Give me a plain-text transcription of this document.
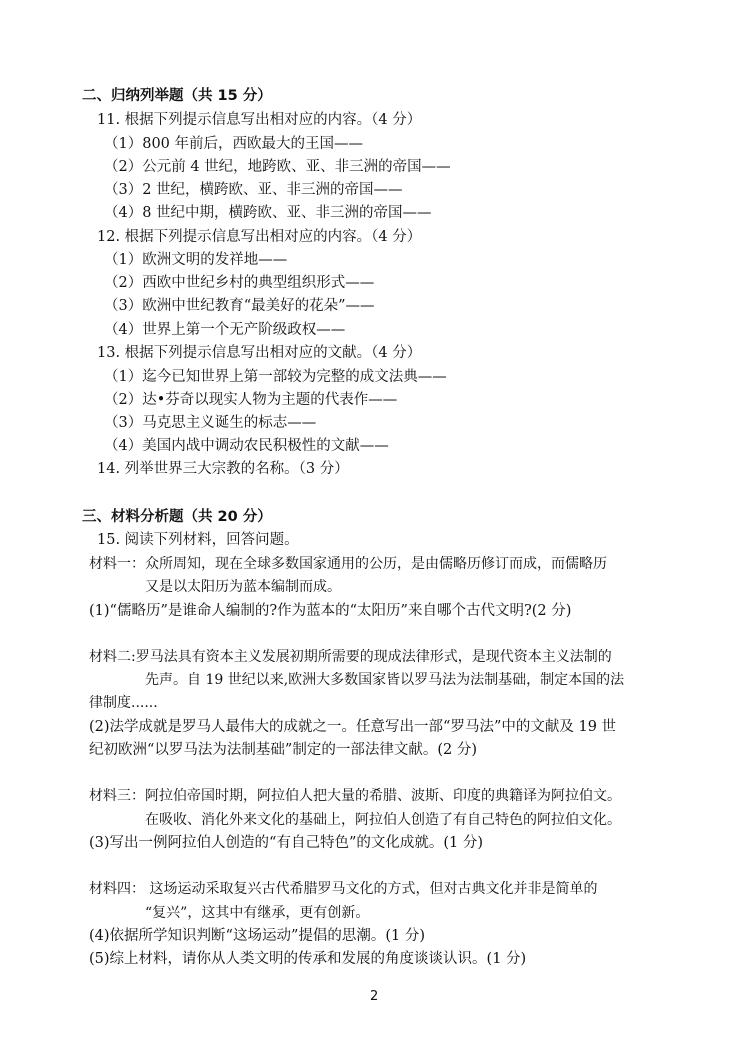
二、归纳列举题（共 15 分）
11. 根据下列提示信息写出相对应的内容。（4 分）
（1）800 年前后，西欧最大的王国——
（2）公元前 4 世纪，地跨欧、亚、非三洲的帝国——
（3）2 世纪，横跨欧、亚、非三洲的帝国——
（4）8 世纪中期，横跨欧、亚、非三洲的帝国——
12. 根据下列提示信息写出相对应的内容。（4 分）
（1）欧洲文明的发祥地——
（2）西欧中世纪乡村的典型组织形式——
（3）欧洲中世纪教育“最美好的花朵”——
（4）世界上第一个无产阶级政权——
13. 根据下列提示信息写出相对应的文献。（4 分）
（1）迄今已知世界上第一部较为完整的成文法典——
（2）达•芬奇以现实人物为主题的代表作——
（3）马克思主义诞生的标志——
（4）美国内战中调动农民积极性的文献——
14. 列举世界三大宗教的名称。（3 分）
三、材料分析题（共 20 分）
15. 阅读下列材料，回答问题。
材料一：众所周知，现在全球多数国家通用的公历，是由儒略历修订而成，而儒略历
又是以太阳历为蓝本编制而成。
(1)“儒略历”是谁命人编制的?作为蓝本的“太阳历”来自哪个古代文明?(2 分)
材料二:罗马法具有资本主义发展初期所需要的现成法律形式，是现代资本主义法制的
先声。自 19 世纪以来,欧洲大多数国家皆以罗马法为法制基础，制定本国的法
律制度......
(2)法学成就是罗马人最伟大的成就之一。任意写出一部“罗马法”中的文献及 19 世
纪初欧洲“以罗马法为法制基础”制定的一部法律文献。(2 分)
材料三：阿拉伯帝国时期，阿拉伯人把大量的希腊、波斯、印度的典籍译为阿拉伯文。
在吸收、消化外来文化的基础上，阿拉伯人创造了有自己特色的阿拉伯文化。
(3)写出一例阿拉伯人创造的“有自己特色”的文化成就。(1 分)
材料四： 这场运动采取复兴古代希腊罗马文化的方式，但对古典文化并非是简单的
“复兴”，这其中有继承，更有创新。
(4)依据所学知识判断“这场运动”提倡的思潮。(1 分)
(5)综上材料，请你从人类文明的传承和发展的角度谈谈认识。(1 分)
2
